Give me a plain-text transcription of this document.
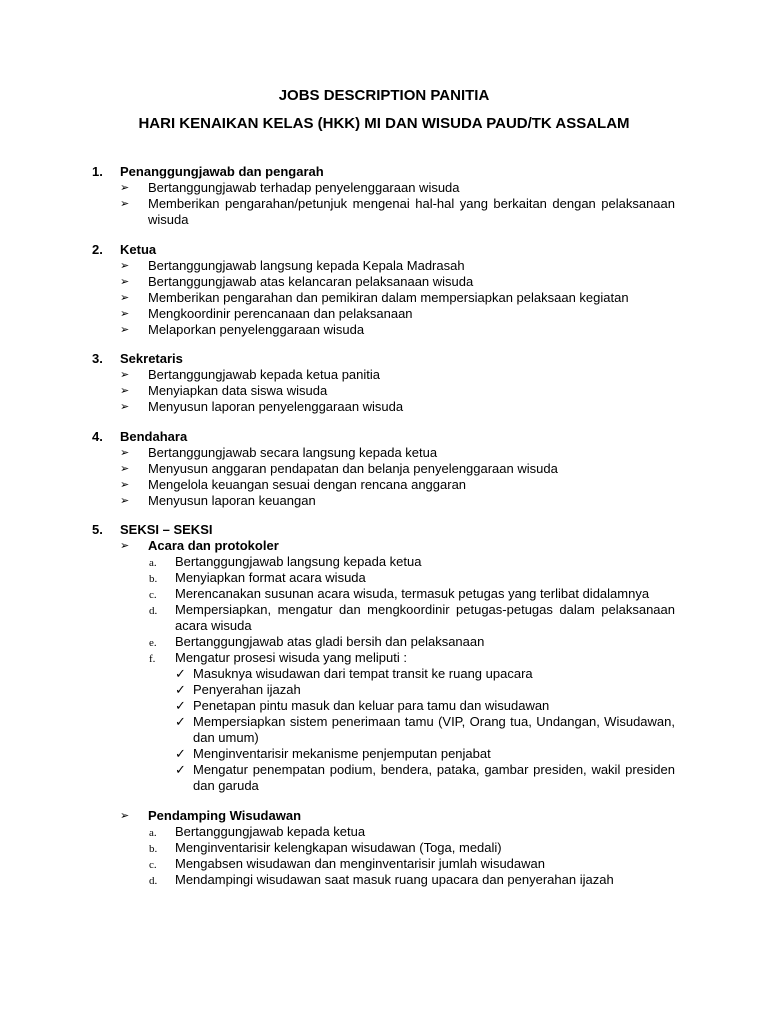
JOBS DESCRIPTION PANITIA
HARI KENAIKAN KELAS (HKK) MI DAN WISUDA PAUD/TK ASSALAM
1. Penanggungjawab dan pengarah
➢	Bertanggungjawab terhadap penyelenggaraan wisuda
➢	Memberikan pengarahan/petunjuk mengenai hal-hal yang berkaitan dengan pelaksanaan wisuda
2. Ketua
➢	Bertanggungjawab langsung kepada Kepala Madrasah
➢	Bertanggungjawab atas kelancaran pelaksanaan wisuda
➢	Memberikan pengarahan dan pemikiran dalam mempersiapkan pelaksaan kegiatan
➢	Mengkoordinir perencanaan dan pelaksanaan
➢	Melaporkan penyelenggaraan wisuda
3. Sekretaris
➢	Bertanggungjawab kepada ketua panitia
➢	Menyiapkan data siswa wisuda
➢	Menyusun laporan penyelenggaraan wisuda
4. Bendahara
➢	Bertanggungjawab secara langsung kepada ketua
➢	Menyusun anggaran pendapatan dan belanja penyelenggaraan wisuda
➢	Mengelola keuangan sesuai dengan rencana anggaran
➢	Menyusun laporan keuangan
5. SEKSI – SEKSI
➢	Acara dan protokoler
a.	Bertanggungjawab langsung kepada ketua
b.	Menyiapkan format acara wisuda
c.	Merencanakan susunan acara wisuda, termasuk petugas yang terlibat didalamnya
d.	Mempersiapkan, mengatur dan mengkoordinir petugas-petugas dalam pelaksanaan acara wisuda
e.	Bertanggungjawab atas gladi bersih dan pelaksanaan
f.	Mengatur prosesi wisuda yang meliputi :
✓ Masuknya wisudawan dari tempat transit ke ruang upacara
✓ Penyerahan ijazah
✓ Penetapan pintu masuk dan keluar para tamu dan wisudawan
✓ Mempersiapkan sistem penerimaan tamu (VIP, Orang tua, Undangan, Wisudawan, dan umum)
✓ Menginventarisir mekanisme penjemputan penjabat
✓ Mengatur penempatan podium, bendera, pataka, gambar presiden, wakil presiden dan garuda
➢	Pendamping Wisudawan
a.	Bertanggungjawab kepada ketua
b.	Menginventarisir kelengkapan wisudawan (Toga, medali)
c.	Mengabsen wisudawan dan menginventarisir jumlah wisudawan
d.	Mendampingi wisudawan saat masuk ruang upacara dan penyerahan ijazah
